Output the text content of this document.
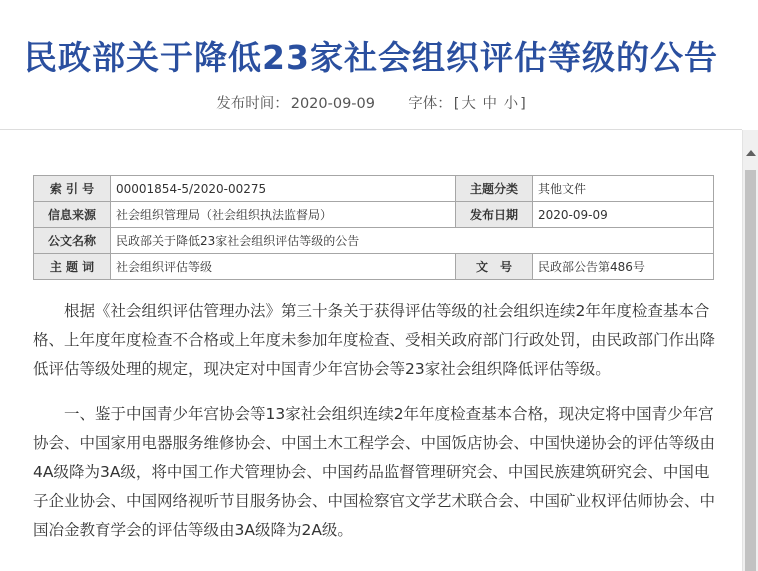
民政部关于降低23家社会组织评估等级的公告
发布时间： 2020-09-09 字体： [ 大 中 小 ]
索 引 号	00001854-5/2020-00275	主题分类	其他文件
信息来源	社会组织管理局（社会组织执法监督局）	发布日期	2020-09-09
公文名称	民政部关于降低23家社会组织评估等级的公告		
主 题 词	社会组织评估等级	文　号	民政部公告第486号

根据《社会组织评估管理办法》第三十条关于获得评估等级的社会组织连续2年年度检查基本合格、上年度年度检查不合格或上年度未参加年度检查、受相关政府部门行政处罚，由民政部门作出降低评估等级处理的规定，现决定对中国青少年宫协会等23家社会组织降低评估等级。

一、鉴于中国青少年宫协会等13家社会组织连续2年年度检查基本合格，现决定将中国青少年宫协会、中国家用电器服务维修协会、中国土木工程学会、中国饭店协会、中国快递协会的评估等级由4A级降为3A级，将中国工作犬管理协会、中国药品监督管理研究会、中国民族建筑研究会、中国电子企业协会、中国网络视听节目服务协会、中国检察官文学艺术联合会、中国矿业权评估师协会、中国冶金教育学会的评估等级由3A级降为2A级。
